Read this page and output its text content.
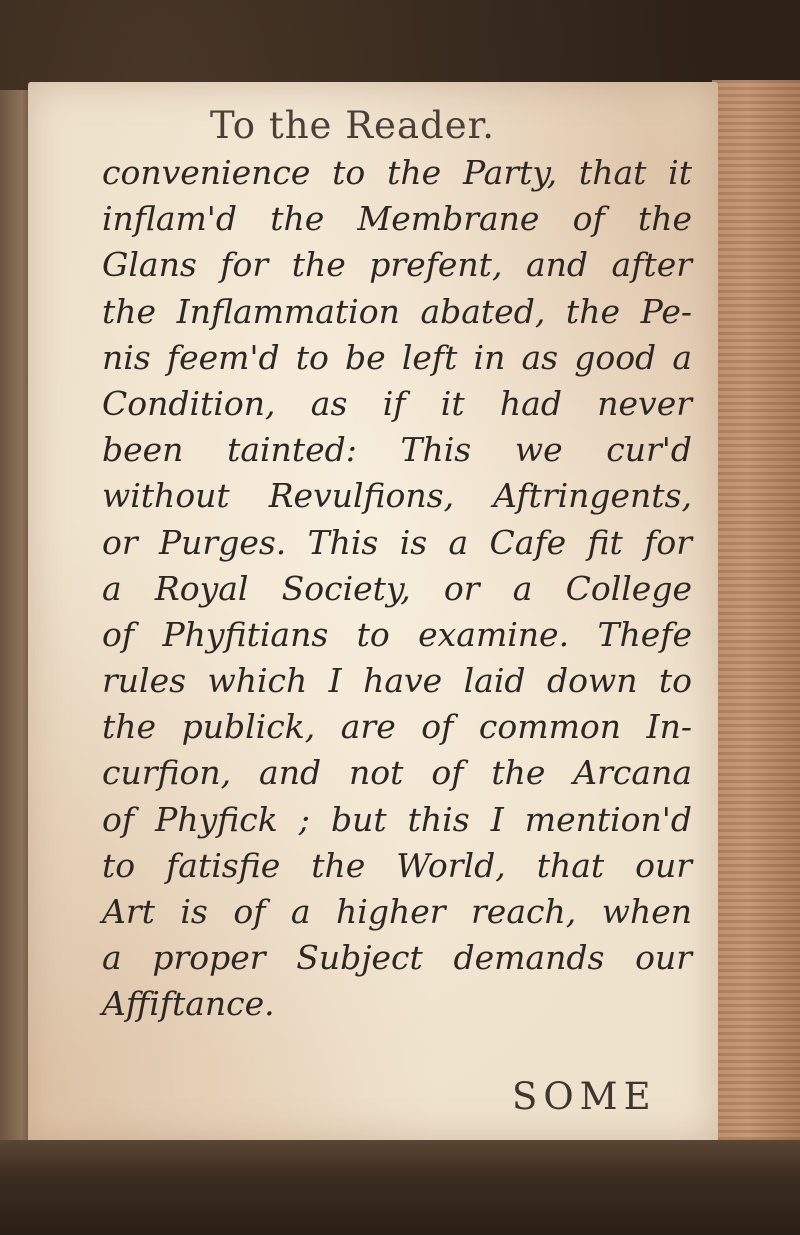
To the Reader.
convenience to the Party, that it
inflam'd the Membrane of the
Glans for the prefent, and after
the Inflammation abated, the Pe-
nis feem'd to be left in as good a
Condition, as if it had never
been tainted: This we cur'd
without Revulfions, Aftringents,
or Purges. This is a Cafe fit for
a Royal Society, or a College
of Phyfitians to examine. Thefe
rules which I have laid down to
the publick, are of common In-
curfion, and not of the Arcana
of Phyfick ; but this I mention'd
to fatisfie the World, that our
Art is of a higher reach, when
a proper Subject demands our
Affiftance.
SOME
